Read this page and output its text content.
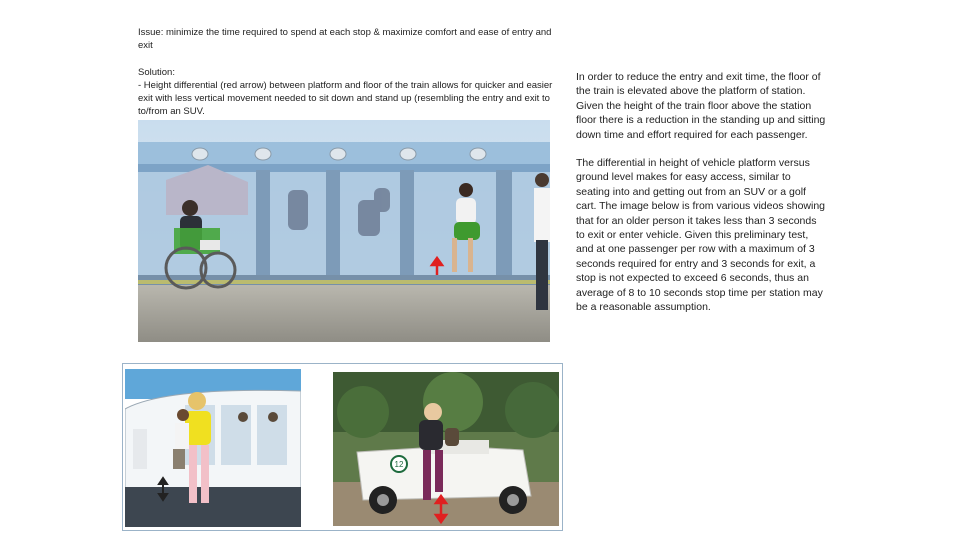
Issue: minimize the time required to spend at each stop & maximize comfort and ease of entry and exit
Solution:
- Height differential (red arrow) between platform and floor of the train allows for quicker and easier exit with less vertical movement needed to sit down and stand up (resembling the entry and exit to to/from an SUV.

In order to reduce the entry and exit time, the floor of the train is elevated above the platform of station. Given the height of the train floor above the station floor there is a reduction in the standing up and sitting down time and effort required for each passenger.

The differential in height of vehicle platform versus ground level makes for easy access, similar to seating into and getting out from an SUV or a golf cart. The image below is from various videos showing that for an older person it takes less than 3 seconds to exit or enter vehicle. Given this preliminary test, and at one passenger per row with a maximum of 3 seconds required for entry and 3 seconds for exit, a stop is not expected to exceed 6 seconds, thus an average of 8 to 10 seconds stop time per station may be a reasonable assumption.

12
